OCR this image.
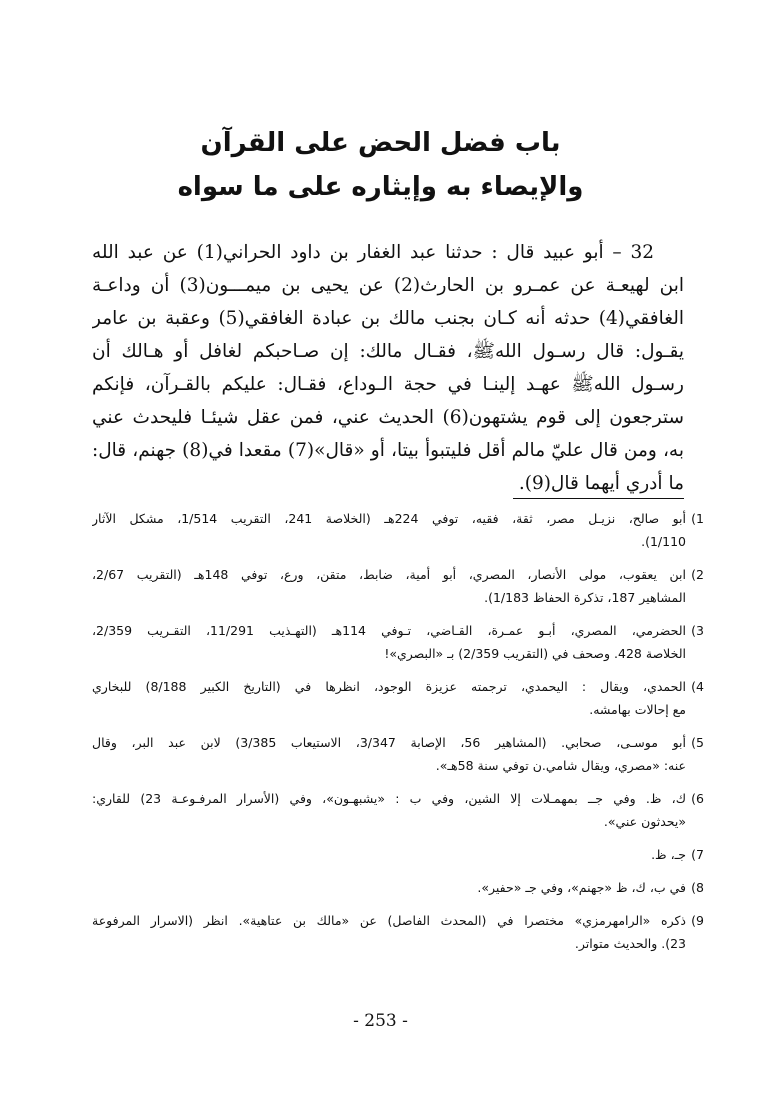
باب فضل الحض على القرآن
والإيصاء به وإيثاره على ما سواه
32 – أبو عبيد قال : حدثنا عبد الغفار بن داود الحراني(1) عن عبد الله
ابن لهيعـة عن عمـرو بن الحارث(2) عن يحيى بن ميمـــون(3) أن وداعـة
الغافقي(4) حدثه أنه كـان بجنب مالك بن عبادة الغافقي(5) وعقبة بن عامر
يقـول: قال رسـول اللهﷺ، فقـال مالك: إن صـاحبكم لغافل أو هـالك أن
رسـول اللهﷺ عهـد إلينـا في حجة الـوداع، فقـال: عليكم بالقـرآن، فإنكم
سترجعون إلى قوم يشتهون(6) الحديث عني، فمن عقل شيئـا فليحدث عني
به، ومن قال عليّ مالم أقل فليتبوأ بيتا، أو «قال»(7) مقعدا في(8) جهنم، قال:
ما أدري أيهما قال(9).
1)
أبو صالح، نزيـل مصر، ثقة، فقيه، توفي 224هـ (الخلاصة 241، التقريب 1/514، مشكل الآثار
1/110).
2)
ابن يعقوب، مولى الأنصار، المصري، أبو أمية، ضابط، متقن، ورع، توفي 148هـ (التقريب 2/67،
المشاهير 187، تذكرة الحفاظ 1/183).
3)
الحضرمي، المصري، أبـو عمـرة، القـاضي، تـوفي 114هـ (التهـذيب 11/291، التقـريب 2/359،
الخلاصة 428. وصحف في (التقريب 2/359) بـ «البصري»!
4)
الحمدي، ويقال : اليحمدي، ترجمته عزيزة الوجود، انظرها في (التاريخ الكبير 8/188) للبخاري
مع إحالات بهامشه.
5)
أبو موسـى، صحابي. (المشاهير 56، الإصابة 3/347، الاستيعاب 3/385) لابن عبد البر، وقال
عنه: «مصري، ويقال شامي.ن توفي سنة 58هـ».
6)
ك، ظ. وفي جــ بمهمـلات إلا الشين، وفي ب : «يشبهـون»، وفي (الأسرار المرفـوعـة 23) للقاري:
«يحدثون عني».
7)
جـ، ظ.
8)
في ب، ك، ظ «جهنم»، وفي جـ «حفير».
9)
ذكره «الرامهرمزي» مختصرا في (المحدث الفاصل) عن «مالك بن عتاهية». انظر (الاسرار المرفوعة
23). والحديث متواتر.
- 253 -
